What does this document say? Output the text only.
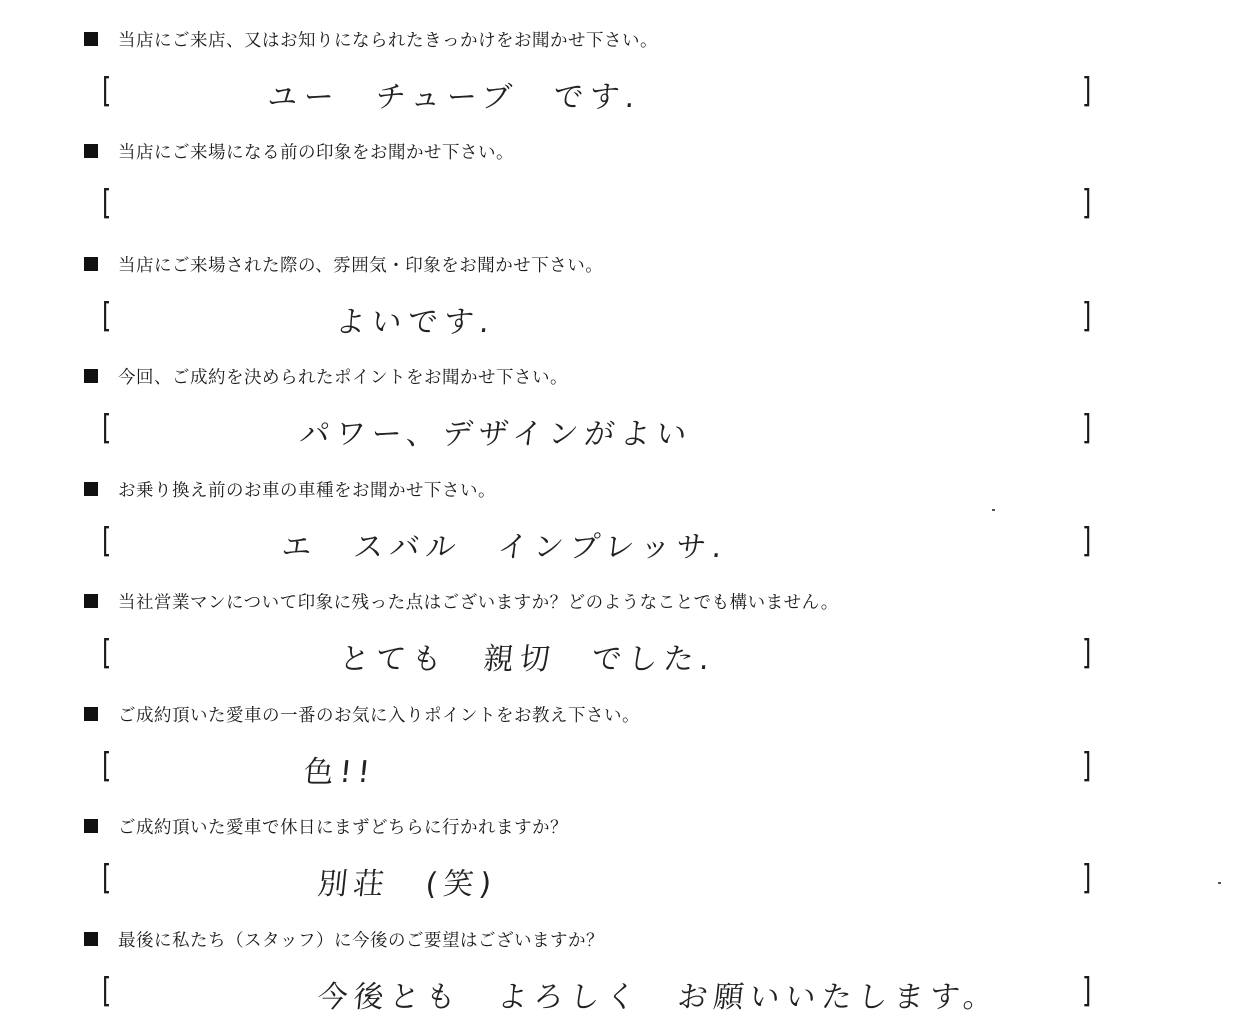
当店にご来店、又はお知りになられたきっかけをお聞かせ下さい。
[	ユー　チューブ　です.	]
当店にご来場になる前の印象をお聞かせ下さい。
[	]
当店にご来場された際の、雰囲気・印象をお聞かせ下さい。
[	よいです.	]
今回、ご成約を決められたポイントをお聞かせ下さい。
[	パワー、デザインがよい	]
お乗り換え前のお車の車種をお聞かせ下さい。
[	エ　スバル　インプレッサ.	]
当社営業マンについて印象に残った点はございますか？どのようなことでも構いません。
[	とても　親切　でした.	]
ご成約頂いた愛車の一番のお気に入りポイントをお教え下さい。
[	色!!	]
ご成約頂いた愛車で休日にまずどちらに行かれますか？
[	別荘　(笑)	]
最後に私たち（スタッフ）に今後のご要望はございますか？
[	今後とも　よろしく　お願いいたします。 ]
